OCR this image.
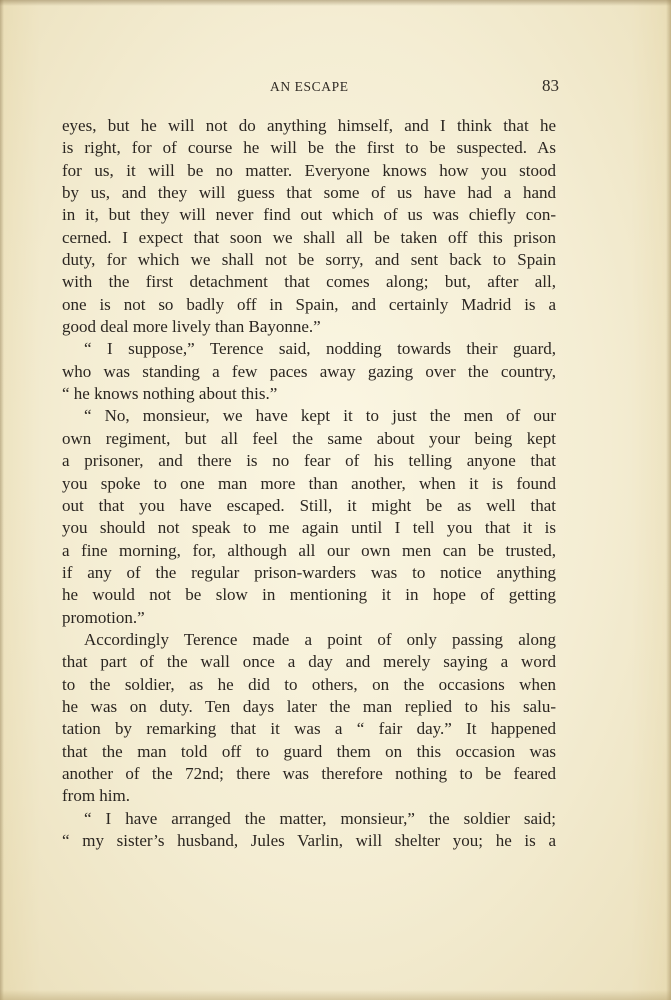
AN ESCAPE	83
eyes, but he will not do anything himself, and I think that he
is right, for of course he will be the first to be suspected. As
for us, it will be no matter. Everyone knows how you stood
by us, and they will guess that some of us have had a hand
in it, but they will never find out which of us was chiefly con-
cerned. I expect that soon we shall all be taken off this prison
duty, for which we shall not be sorry, and sent back to Spain
with the first detachment that comes along; but, after all,
one is not so badly off in Spain, and certainly Madrid is a
good deal more lively than Bayonne.”
“ I suppose,” Terence said, nodding towards their guard,
who was standing a few paces away gazing over the country,
“ he knows nothing about this.”
“ No, monsieur, we have kept it to just the men of our
own regiment, but all feel the same about your being kept
a prisoner, and there is no fear of his telling anyone that
you spoke to one man more than another, when it is found
out that you have escaped. Still, it might be as well that
you should not speak to me again until I tell you that it is
a fine morning, for, although all our own men can be trusted,
if any of the regular prison-warders was to notice anything
he would not be slow in mentioning it in hope of getting
promotion.”
Accordingly Terence made a point of only passing along
that part of the wall once a day and merely saying a word
to the soldier, as he did to others, on the occasions when
he was on duty. Ten days later the man replied to his salu-
tation by remarking that it was a “ fair day.” It happened
that the man told off to guard them on this occasion was
another of the 72nd; there was therefore nothing to be feared
from him.
“ I have arranged the matter, monsieur,” the soldier said;
“ my sister’s husband, Jules Varlin, will shelter you; he is a
